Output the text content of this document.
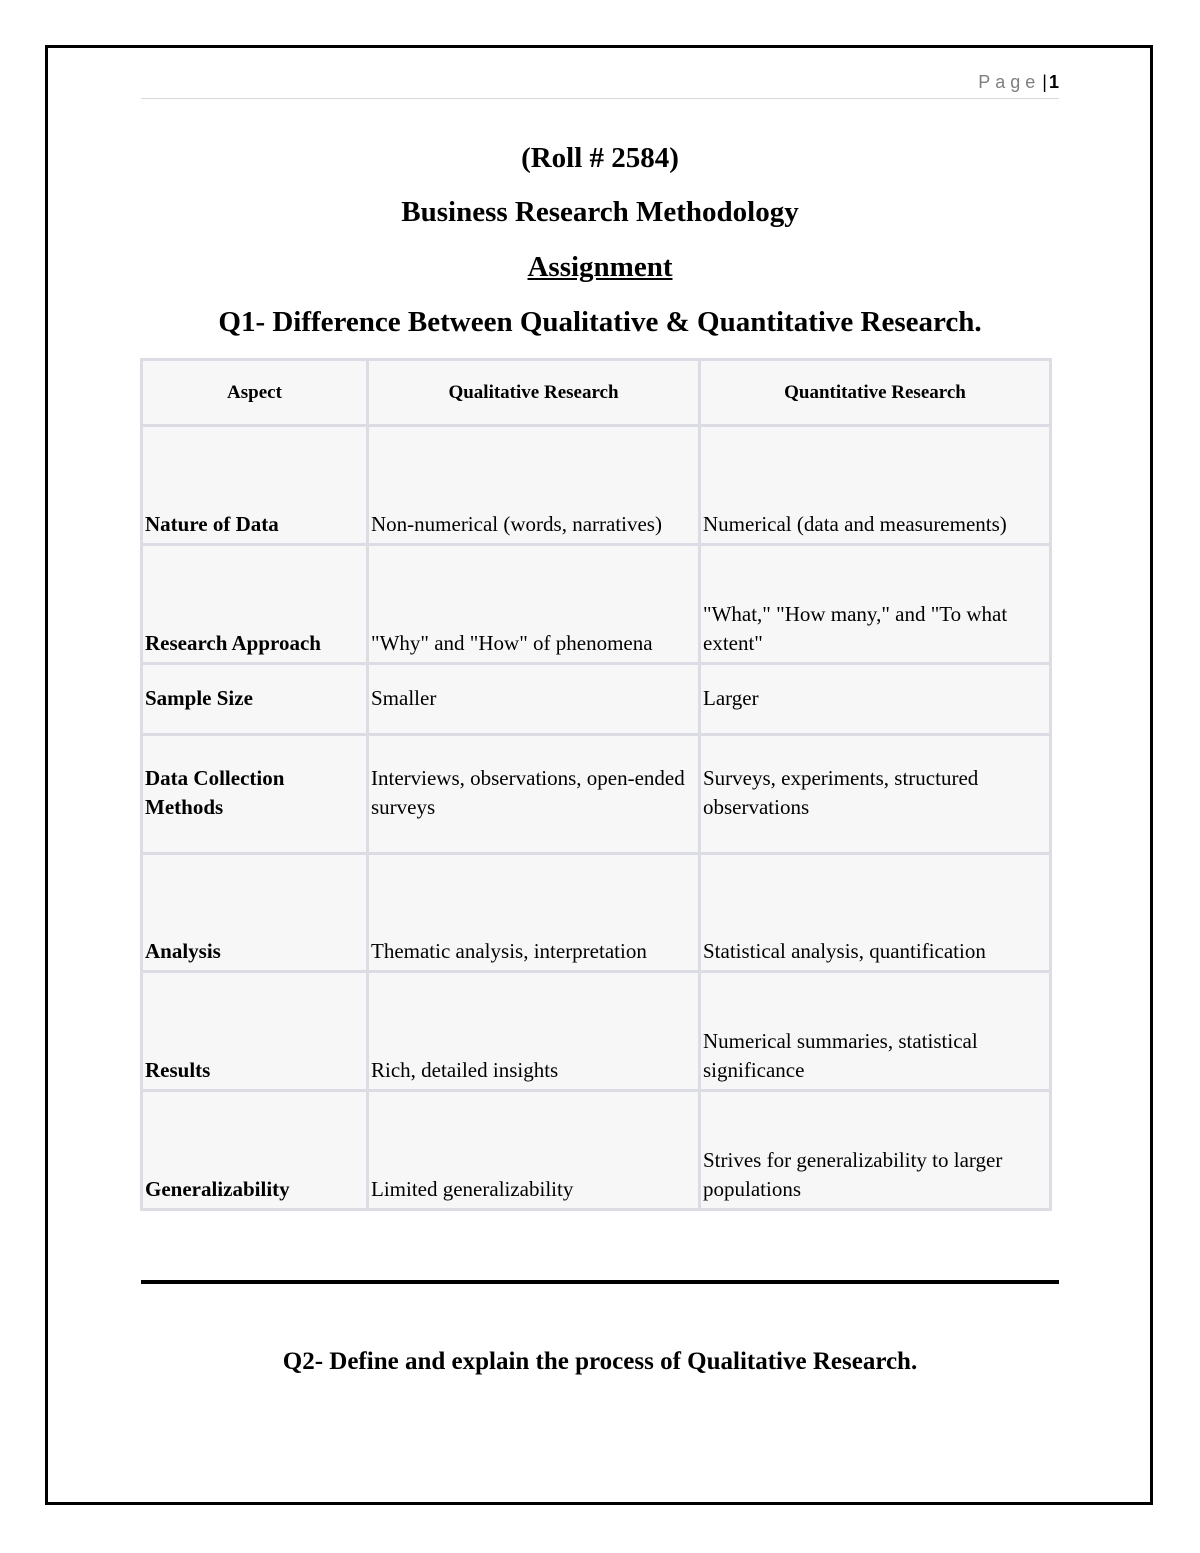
Page | 1
(Roll # 2584)
Business Research Methodology
Assignment
Q1- Difference Between Qualitative & Quantitative Research.
Aspect	Qualitative Research	Quantitative Research
Nature of Data	Non-numerical (words, narratives)	Numerical (data and measurements)
Research Approach	"Why" and "How" of phenomena	"What," "How many," and "To what extent"
Sample Size	Smaller	Larger
Data Collection Methods	Interviews, observations, open-ended surveys	Surveys, experiments, structured observations
Analysis	Thematic analysis, interpretation	Statistical analysis, quantification
Results	Rich, detailed insights	Numerical summaries, statistical significance
Generalizability	Limited generalizability	Strives for generalizability to larger populations
Q2- Define and explain the process of Qualitative Research.
